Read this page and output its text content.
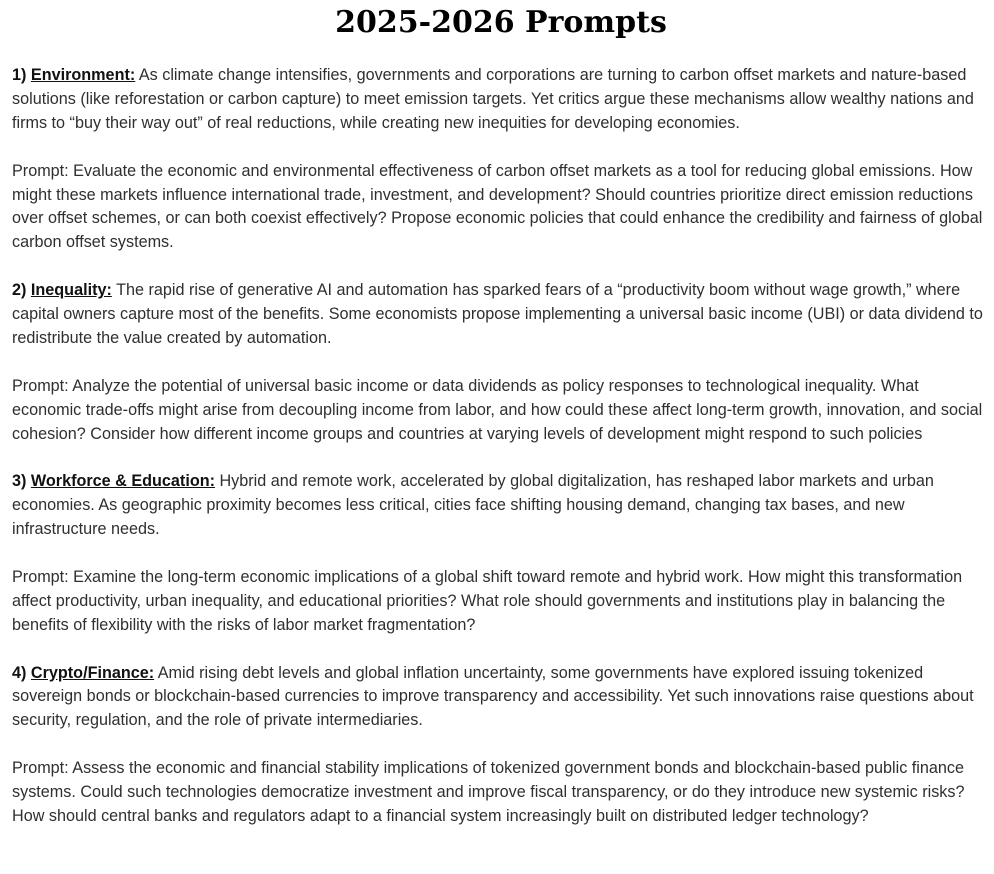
2025-2026 Prompts

1) Environment: As climate change intensifies, governments and corporations are turning to carbon offset markets and nature-based solutions (like reforestation or carbon capture) to meet emission targets. Yet critics argue these mechanisms allow wealthy nations and firms to “buy their way out” of real reductions, while creating new inequities for developing economies.

Prompt: Evaluate the economic and environmental effectiveness of carbon offset markets as a tool for reducing global emissions. How might these markets influence international trade, investment, and development? Should countries prioritize direct emission reductions over offset schemes, or can both coexist effectively? Propose economic policies that could enhance the credibility and fairness of global carbon offset systems.

2) Inequality: The rapid rise of generative AI and automation has sparked fears of a “productivity boom without wage growth,” where capital owners capture most of the benefits. Some economists propose implementing a universal basic income (UBI) or data dividend to redistribute the value created by automation.

Prompt: Analyze the potential of universal basic income or data dividends as policy responses to technological inequality. What economic trade-offs might arise from decoupling income from labor, and how could these affect long-term growth, innovation, and social cohesion? Consider how different income groups and countries at varying levels of development might respond to such policies

3) Workforce & Education: Hybrid and remote work, accelerated by global digitalization, has reshaped labor markets and urban economies. As geographic proximity becomes less critical, cities face shifting housing demand, changing tax bases, and new infrastructure needs.

Prompt: Examine the long-term economic implications of a global shift toward remote and hybrid work. How might this transformation affect productivity, urban inequality, and educational priorities? What role should governments and institutions play in balancing the benefits of flexibility with the risks of labor market fragmentation?

4) Crypto/Finance: Amid rising debt levels and global inflation uncertainty, some governments have explored issuing tokenized sovereign bonds or blockchain-based currencies to improve transparency and accessibility. Yet such innovations raise questions about security, regulation, and the role of private intermediaries.

Prompt: Assess the economic and financial stability implications of tokenized government bonds and blockchain-based public finance systems. Could such technologies democratize investment and improve fiscal transparency, or do they introduce new systemic risks? How should central banks and regulators adapt to a financial system increasingly built on distributed ledger technology?
